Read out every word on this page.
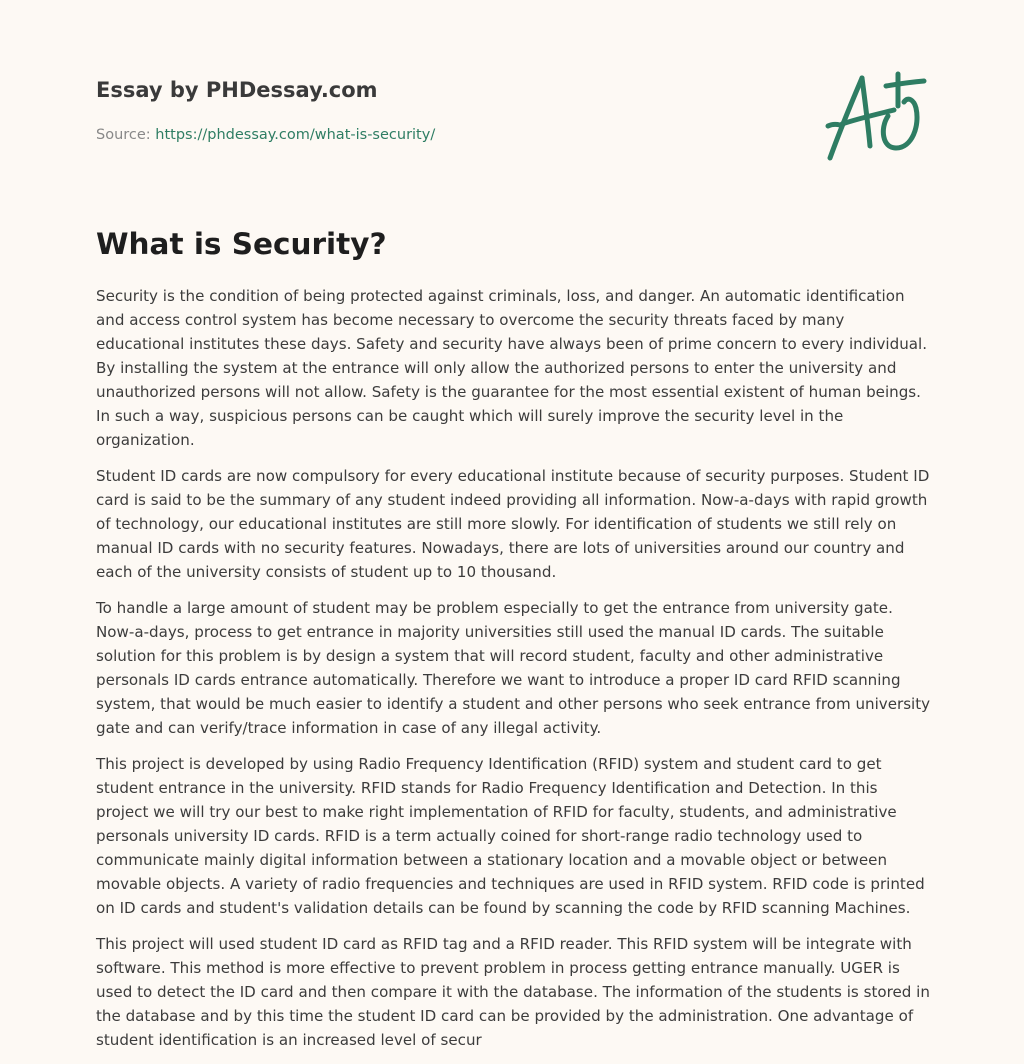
Essay by PHDessay.com
Source: https://phdessay.com/what-is-security/
What is Security?

Security is the condition of being protected against criminals, loss, and danger. An automatic identification and access control system has become necessary to overcome the security threats faced by many educational institutes these days. Safety and security have always been of prime concern to every individual. By installing the system at the entrance will only allow the authorized persons to enter the university and unauthorized persons will not allow. Safety is the guarantee for the most essential existent of human beings. In such a way, suspicious persons can be caught which will surely improve the security level in the organization.

Student ID cards are now compulsory for every educational institute because of security purposes. Student ID card is said to be the summary of any student indeed providing all information. Now-a-days with rapid growth of technology, our educational institutes are still more slowly. For identification of students we still rely on manual ID cards with no security features. Nowadays, there are lots of universities around our country and each of the university consists of student up to 10 thousand.

To handle a large amount of student may be problem especially to get the entrance from university gate. Now-a-days, process to get entrance in majority universities still used the manual ID cards. The suitable solution for this problem is by design a system that will record student, faculty and other administrative personals ID cards entrance automatically. Therefore we want to introduce a proper ID card RFID scanning system, that would be much easier to identify a student and other persons who seek entrance from university gate and can verify/trace information in case of any illegal activity.

This project is developed by using Radio Frequency Identification (RFID) system and student card to get student entrance in the university. RFID stands for Radio Frequency Identification and Detection. In this project we will try our best to make right implementation of RFID for faculty, students, and administrative personals university ID cards. RFID is a term actually coined for short-range radio technology used to communicate mainly digital information between a stationary location and a movable object or between movable objects. A variety of radio frequencies and techniques are used in RFID system. RFID code is printed on ID cards and student's validation details can be found by scanning the code by RFID scanning Machines.

This project will used student ID card as RFID tag and a RFID reader. This RFID system will be integrate with software. This method is more effective to prevent problem in process getting entrance manually. UGER is used to detect the ID card and then compare it with the database. The information of the students is stored in the database and by this time the student ID card can be provided by the administration. One advantage of student identification is an increased level of secur
